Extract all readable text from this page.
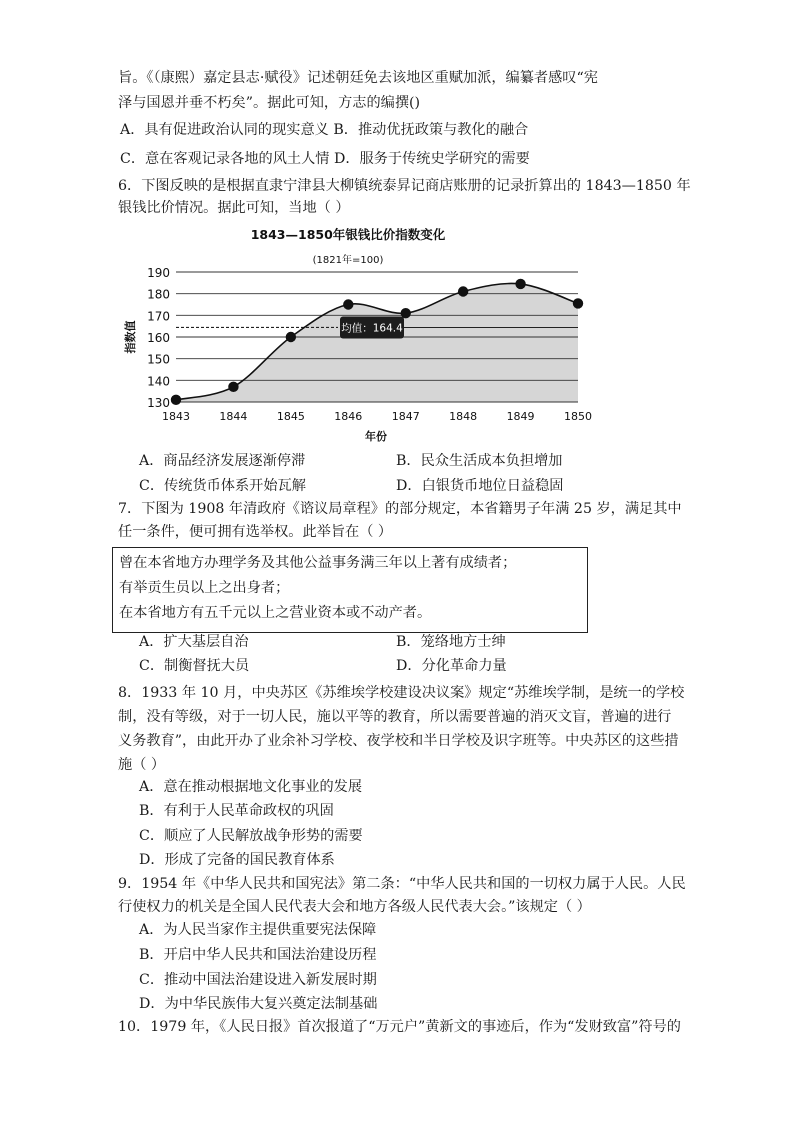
旨。《（康熙）嘉定县志·赋役》记述朝廷免去该地区重赋加派，编纂者感叹“宪
泽与国恩并垂不朽矣”。据此可知，方志的编撰()
A．具有促进政治认同的现实意义 B．推动优抚政策与教化的融合
C．意在客观记录各地的风土人情 D．服务于传统史学研究的需要
6．下图反映的是根据直隶宁津县大柳镇统泰昇记商店账册的记录折算出的 1843—1850 年
银钱比价情况。据此可知，当地（ ）
1843—1850年银钱比价指数变化
(1821年=100)
130
140
150
160
170
180
190
1843	1844	1845	1846	1847	1848	1849	1850
均值：164.4
年份
指数值
A．商品经济发展逐渐停滞	B．民众生活成本负担增加
C．传统货币体系开始瓦解	D．白银货币地位日益稳固
7．下图为 1908 年清政府《谘议局章程》的部分规定，本省籍男子年满 25 岁，满足其中
任一条件，便可拥有选举权。此举旨在（ ）
曾在本省地方办理学务及其他公益事务满三年以上著有成绩者；
有举贡生员以上之出身者；
在本省地方有五千元以上之营业资本或不动产者。
A．扩大基层自治	B．笼络地方士绅
C．制衡督抚大员	D．分化革命力量
8．1933 年 10 月，中央苏区《苏维埃学校建设决议案》规定“苏维埃学制，是统一的学校
制，没有等级，对于一切人民，施以平等的教育，所以需要普遍的消灭文盲，普遍的进行
义务教育”，由此开办了业余补习学校、夜学校和半日学校及识字班等。中央苏区的这些措
施（ ）
A．意在推动根据地文化事业的发展
B．有利于人民革命政权的巩固
C．顺应了人民解放战争形势的需要
D．形成了完备的国民教育体系
9．1954 年《中华人民共和国宪法》第二条：“中华人民共和国的一切权力属于人民。人民
行使权力的机关是全国人民代表大会和地方各级人民代表大会。”该规定（ ）
A．为人民当家作主提供重要宪法保障
B．开启中华人民共和国法治建设历程
C．推动中国法治建设进入新发展时期
D．为中华民族伟大复兴奠定法制基础
10．1979 年，《人民日报》首次报道了“万元户”黄新文的事迹后，作为“发财致富”符号的
